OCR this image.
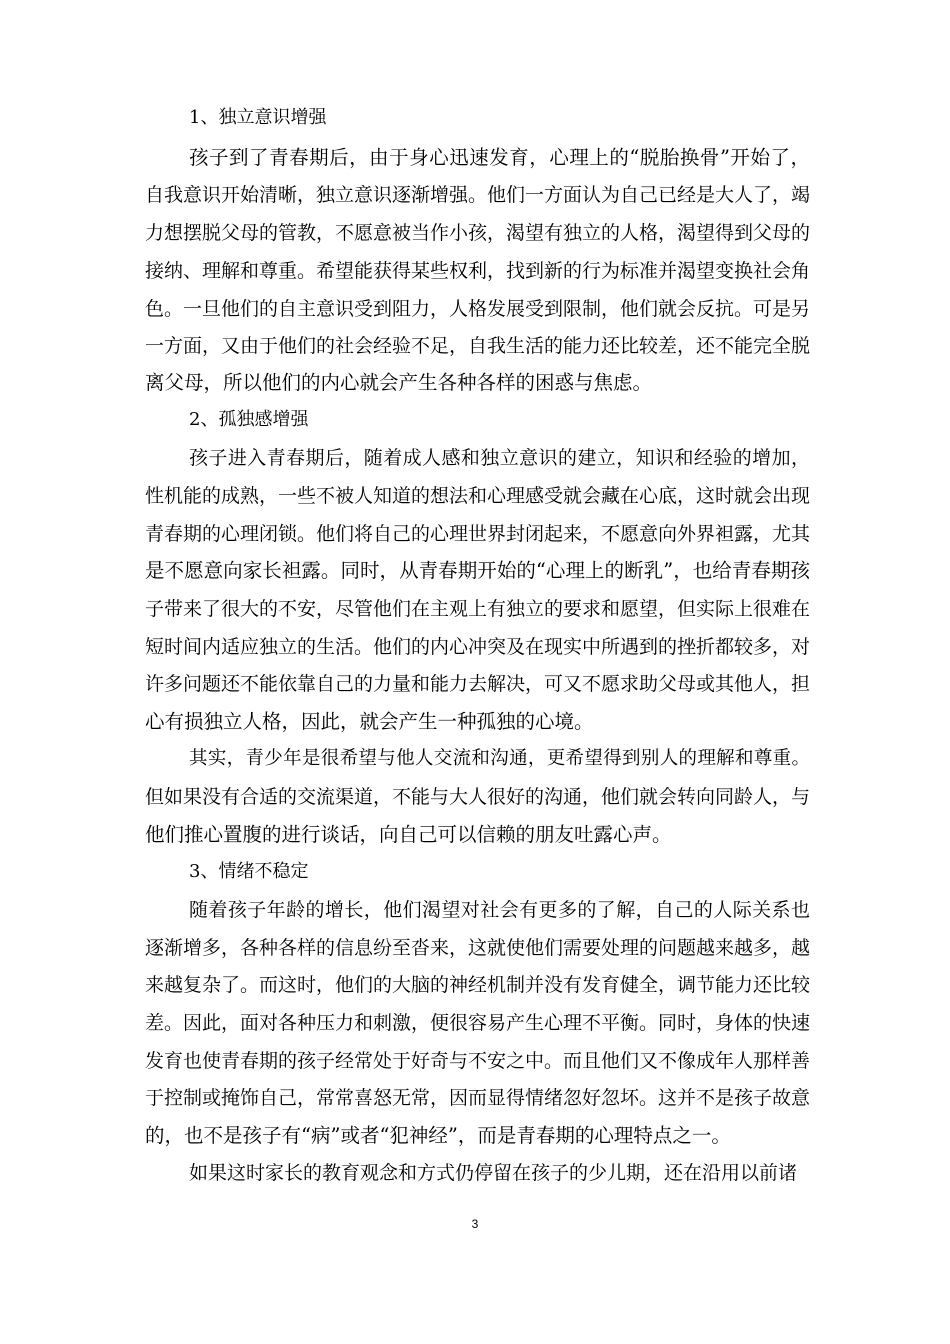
1、独立意识增强
孩子到了青春期后，由于身心迅速发育，心理上的“脱胎换骨”开始了，
自我意识开始清晰，独立意识逐渐增强。他们一方面认为自己已经是大人了，竭
力想摆脱父母的管教，不愿意被当作小孩，渴望有独立的人格，渴望得到父母的
接纳、理解和尊重。希望能获得某些权利，找到新的行为标准并渴望变换社会角
色。一旦他们的自主意识受到阻力，人格发展受到限制，他们就会反抗。可是另
一方面，又由于他们的社会经验不足，自我生活的能力还比较差，还不能完全脱
离父母，所以他们的内心就会产生各种各样的困惑与焦虑。
2、孤独感增强
孩子进入青春期后，随着成人感和独立意识的建立，知识和经验的增加，
性机能的成熟，一些不被人知道的想法和心理感受就会藏在心底，这时就会出现
青春期的心理闭锁。他们将自己的心理世界封闭起来，不愿意向外界袒露，尤其
是不愿意向家长袒露。同时，从青春期开始的“心理上的断乳”，也给青春期孩
子带来了很大的不安，尽管他们在主观上有独立的要求和愿望，但实际上很难在
短时间内适应独立的生活。他们的内心冲突及在现实中所遇到的挫折都较多，对
许多问题还不能依靠自己的力量和能力去解决，可又不愿求助父母或其他人，担
心有损独立人格，因此，就会产生一种孤独的心境。
其实，青少年是很希望与他人交流和沟通，更希望得到别人的理解和尊重。
但如果没有合适的交流渠道，不能与大人很好的沟通，他们就会转向同龄人，与
他们推心置腹的进行谈话，向自己可以信赖的朋友吐露心声。
3、情绪不稳定
随着孩子年龄的增长，他们渴望对社会有更多的了解，自己的人际关系也
逐渐增多，各种各样的信息纷至沓来，这就使他们需要处理的问题越来越多，越
来越复杂了。而这时，他们的大脑的神经机制并没有发育健全，调节能力还比较
差。因此，面对各种压力和刺激，便很容易产生心理不平衡。同时，身体的快速
发育也使青春期的孩子经常处于好奇与不安之中。而且他们又不像成年人那样善
于控制或掩饰自己，常常喜怒无常，因而显得情绪忽好忽坏。这并不是孩子故意
的，也不是孩子有“病”或者“犯神经”，而是青春期的心理特点之一。
如果这时家长的教育观念和方式仍停留在孩子的少儿期，还在沿用以前诸
3
